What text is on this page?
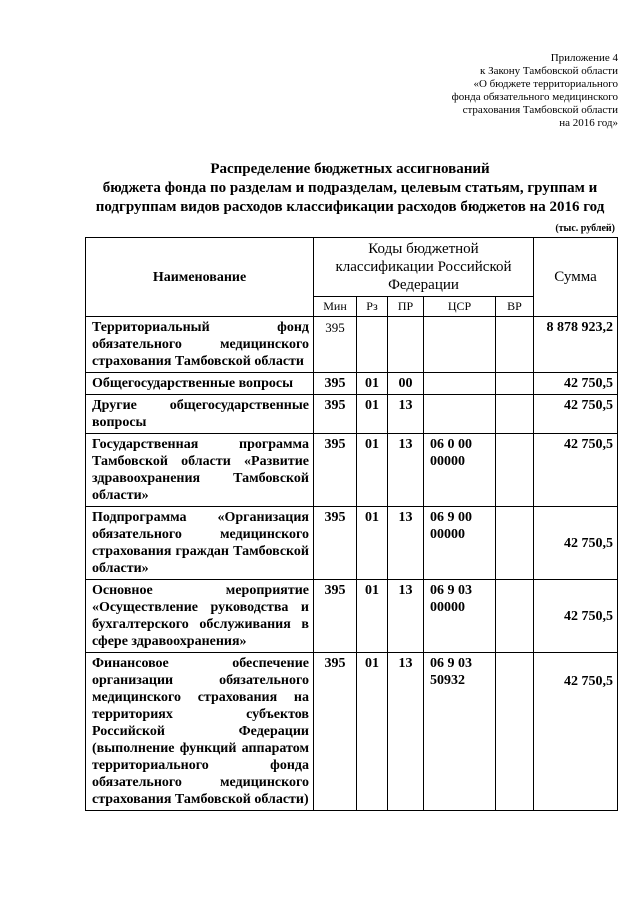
Приложение 4
к Закону Тамбовской области
«О бюджете территориального
фонда обязательного медицинского
страхования Тамбовской области
на 2016 год»
Распределение бюджетных ассигнований
бюджета фонда по разделам и подразделам, целевым статьям, группам и
подгруппам видов расходов классификации расходов бюджетов на 2016 год
(тыс. рублей)
Наименование	Коды бюджетной классификации Российской Федерации					Сумма
	Мин	Рз	ПР	ЦСР	ВР	
Территориальный фонд обязательного медицинского страхования Тамбовской области	395					8 878 923,2
Общегосударственные вопросы	395	01	00			42 750,5
Другие общегосударственные вопросы	395	01	13			42 750,5
Государственная программа Тамбовской области «Развитие здравоохранения Тамбовской области»	395	01	13	06 0 00 00000		42 750,5
Подпрограмма «Организация обязательного медицинского страхования граждан Тамбовской области»	395	01	13	06 9 00 00000		42 750,5
Основное мероприятие «Осуществление руководства и бухгалтерского обслуживания в сфере здравоохранения»	395	01	13	06 9 03 00000		42 750,5
Финансовое обеспечение организации обязательного медицинского страхования на территориях субъектов Российской Федерации (выполнение функций аппаратом территориального фонда обязательного медицинского страхования Тамбовской области)	395	01	13	06 9 03 50932		42 750,5
